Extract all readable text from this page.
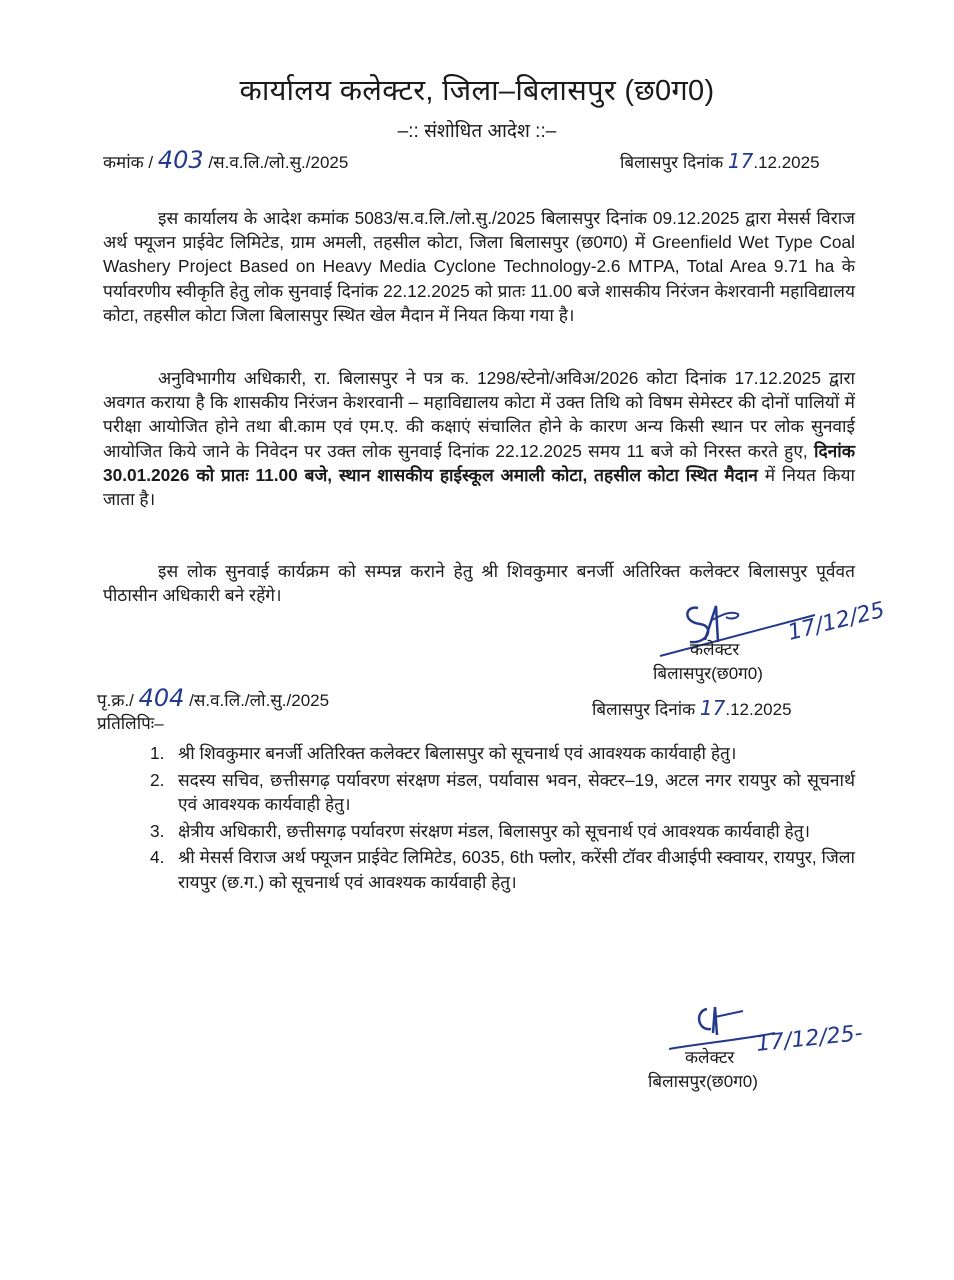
कार्यालय कलेक्टर, जिला–बिलासपुर (छ0ग0)
–:: संशोधित आदेश ::–
कमांक / 403 /स.व.लि./लो.सु./2025	बिलासपुर दिनांक 17.12.2025
इस कार्यालय के आदेश कमांक 5083/स.व.लि./लो.सु./2025 बिलासपुर दिनांक 09.12.2025 द्वारा मेसर्स विराज अर्थ फ्यूजन प्राईवेट लिमिटेड, ग्राम अमली, तहसील कोटा, जिला बिलासपुर (छ0ग0) में Greenfield Wet Type Coal Washery Project Based on Heavy Media Cyclone Technology-2.6 MTPA, Total Area 9.71 ha के पर्यावरणीय स्वीकृति हेतु लोक सुनवाई दिनांक 22.12.2025 को प्रातः 11.00 बजे शासकीय निरंजन केशरवानी महाविद्यालय कोटा, तहसील कोटा जिला बिलासपुर स्थित खेल मैदान में नियत किया गया है।
अनुविभागीय अधिकारी, रा. बिलासपुर ने पत्र क. 1298/स्टेनो/अविअ/2026 कोटा दिनांक 17.12.2025 द्वारा अवगत कराया है कि शासकीय निरंजन केशरवानी – महाविद्यालय कोटा में उक्त तिथि को विषम सेमेस्टर की दोनों पालियों में परीक्षा आयोजित होने तथा बी.काम एवं एम.ए. की कक्षाएं संचालित होने के कारण अन्य किसी स्थान पर लोक सुनवाई आयोजित किये जाने के निवेदन पर उक्त लोक सुनवाई दिनांक 22.12.2025 समय 11 बजे को निरस्त करते हुए, दिनांक 30.01.2026 को प्रातः 11.00 बजे, स्थान शासकीय हाईस्कूल अमाली कोटा, तहसील कोटा स्थित मैदान में नियत किया जाता है।
इस लोक सुनवाई कार्यक्रम को सम्पन्न कराने हेतु श्री शिवकुमार बनर्जी अतिरिक्त कलेक्टर बिलासपुर पूर्ववत पीठासीन अधिकारी बने रहेंगे।
17/12/25
कलेक्टर
बिलासपुर(छ0ग0)
पृ.क्र./ 404 /स.व.लि./लो.सु./2025
प्रतिलिपिः–
बिलासपुर दिनांक 17.12.2025
1. श्री शिवकुमार बनर्जी अतिरिक्त कलेक्टर बिलासपुर को सूचनार्थ एवं आवश्यक कार्यवाही हेतु।
2. सदस्य सचिव, छत्तीसगढ़ पर्यावरण संरक्षण मंडल, पर्यावास भवन, सेक्टर–19, अटल नगर रायपुर को सूचनार्थ एवं आवश्यक कार्यवाही हेतु।
3. क्षेत्रीय अधिकारी, छत्तीसगढ़ पर्यावरण संरक्षण मंडल, बिलासपुर को सूचनार्थ एवं आवश्यक कार्यवाही हेतु।
4. श्री मेसर्स विराज अर्थ फ्यूजन प्राईवेट लिमिटेड, 6035, 6th फ्लोर, करेंसी टॉवर वीआईपी स्क्वायर, रायपुर, जिला रायपुर (छ.ग.) को सूचनार्थ एवं आवश्यक कार्यवाही हेतु।
17/12/25-
कलेक्टर
बिलासपुर(छ0ग0)
